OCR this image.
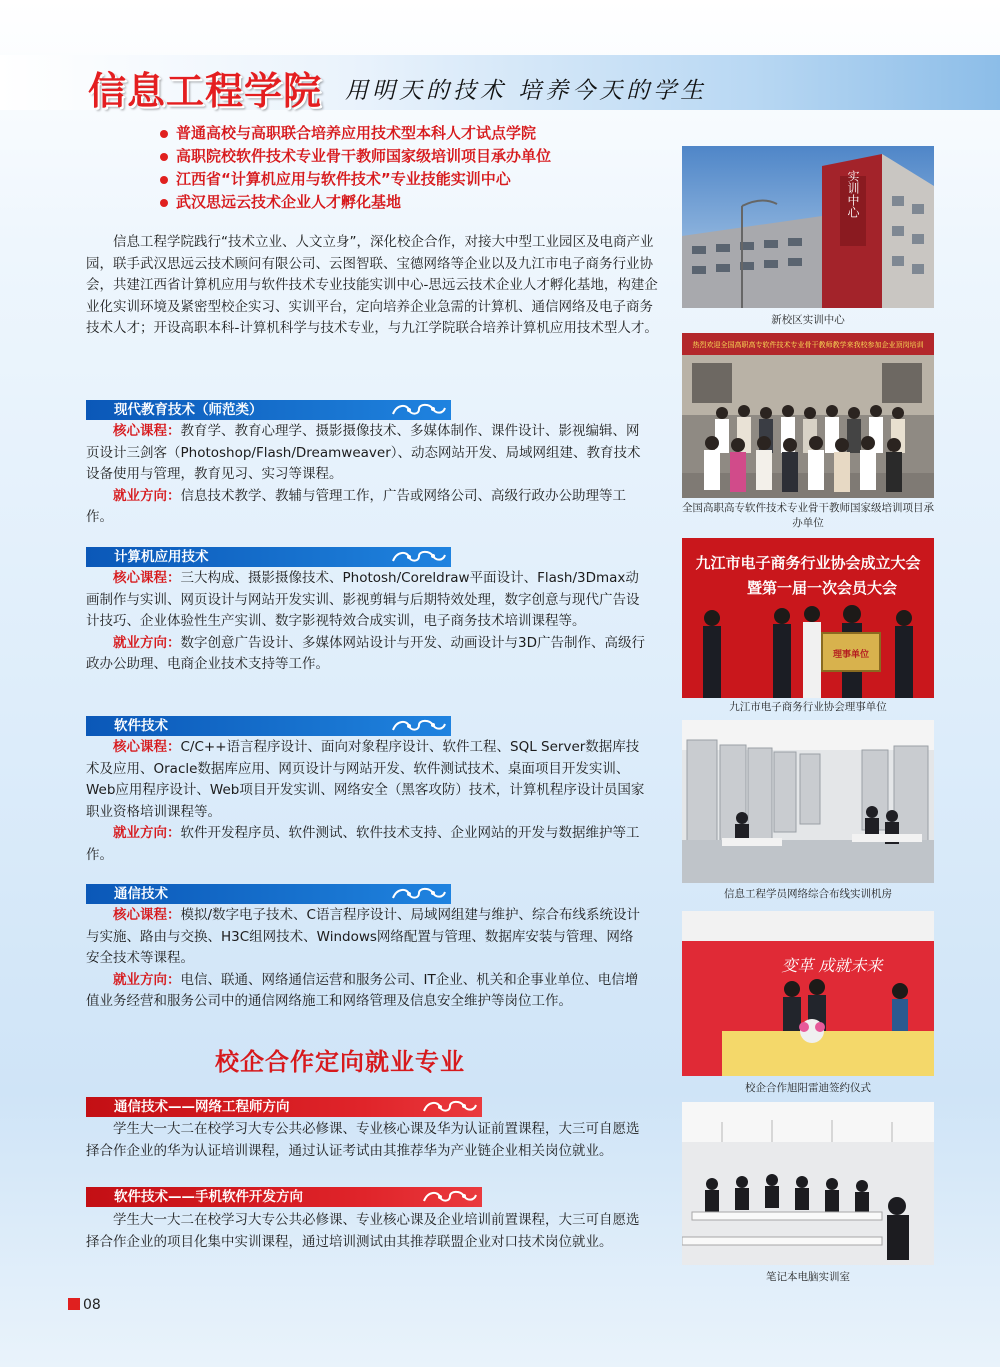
信息工程学院 用明天的技术 培养今天的学生
普通高校与高职联合培养应用技术型本科人才试点学院
高职院校软件技术专业骨干教师国家级培训项目承办单位
江西省“计算机应用与软件技术”专业技能实训中心
武汉思远云技术企业人才孵化基地

信息工程学院践行“技术立业、人文立身”，深化校企合作，对接大中型工业园区及电商产业园，联手武汉思远云技术顾问有限公司、云图智联、宝德网络等企业以及九江市电子商务行业协会，共建江西省计算机应用与软件技术专业技能实训中心-思远云技术企业人才孵化基地，构建企业化实训环境及紧密型校企实习、实训平台，定向培养企业急需的计算机、通信网络及电子商务技术人才；开设高职本科-计算机科学与技术专业，与九江学院联合培养计算机应用技术型人才。

现代教育技术（师范类）

核心课程：教育学、教育心理学、摄影摄像技术、多媒体制作、课件设计、影视编辑、网页设计三剑客（Photoshop/Flash/Dreamweaver）、动态网站开发、局域网组建、教育技术设备使用与管理，教育见习、实习等课程。

就业方向：信息技术教学、教辅与管理工作，广告或网络公司、高级行政办公助理等工作。

计算机应用技术

核心课程：三大构成、摄影摄像技术、Photosh/Coreldraw平面设计、Flash/3Dmax动画制作与实训、网页设计与网站开发实训、影视剪辑与后期特效处理，数字创意与现代广告设计技巧、企业体验性生产实训、数字影视特效合成实训，电子商务技术培训课程等。

就业方向：数字创意广告设计、多媒体网站设计与开发、动画设计与3D广告制作、高级行政办公助理、电商企业技术支持等工作。

软件技术

核心课程：C/C++语言程序设计、面向对象程序设计、软件工程、SQL Server数据库技术及应用、Oracle数据库应用、网页设计与网站开发、软件测试技术、桌面项目开发实训、Web应用程序设计、Web项目开发实训、网络安全（黑客攻防）技术，计算机程序设计员国家职业资格培训课程等。

就业方向：软件开发程序员、软件测试、软件技术支持、企业网站的开发与数据维护等工作。

通信技术

核心课程：模拟/数字电子技术、C语言程序设计、局域网组建与维护、综合布线系统设计与实施、路由与交换、H3C组网技术、Windows网络配置与管理、数据库安装与管理、网络安全技术等课程。

就业方向：电信、联通、网络通信运营和服务公司、IT企业、机关和企事业单位、电信增值业务经营和服务公司中的通信网络施工和网络管理及信息安全维护等岗位工作。

校企合作定向就业专业
通信技术——网络工程师方向

学生大一大二在校学习大专公共必修课、专业核心课及华为认证前置课程，大三可自愿选择合作企业的华为认证培训课程，通过认证考试由其推荐华为产业链企业相关岗位就业。

软件技术——手机软件开发方向

学生大一大二在校学习大专公共必修课、专业核心课及企业培训前置课程，大三可自愿选择合作企业的项目化集中实训课程，通过培训测试由其推荐联盟企业对口技术岗位就业。

实训中心
新校区实训中心
热烈欢迎全国高职高专软件技术专业骨干教师教学来我校参加企业顶岗培训
全国高职高专软件技术专业骨干教师国家级培训项目承办单位
九江市电子商务行业协会成立大会
暨第一届一次会员大会
理事单位
九江市电子商务行业协会理事单位
信息工程学员网络综合布线实训机房
变革 成就未来
校企合作旭阳雷迪签约仪式
笔记本电脑实训室
08
